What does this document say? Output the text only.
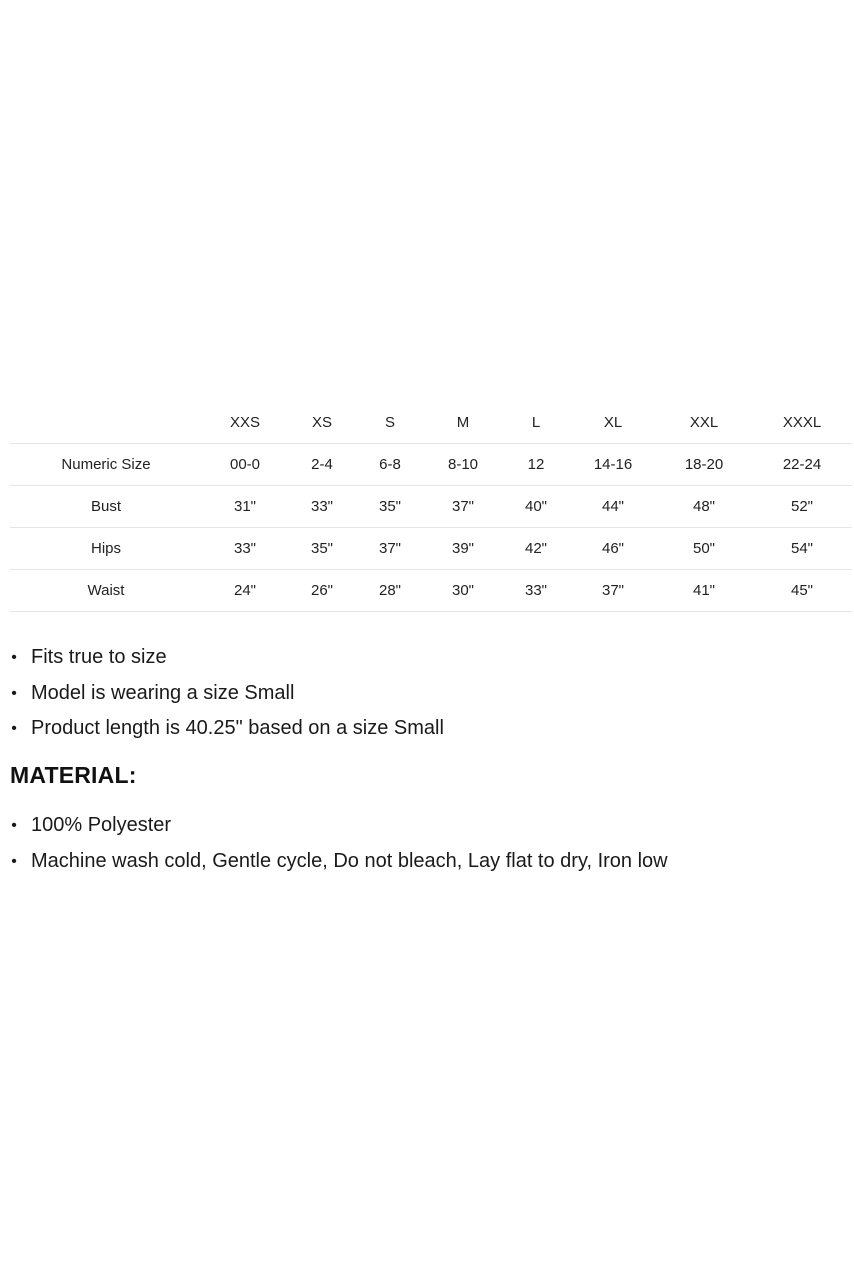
	XXS	XS	S	M	L	XL	XXL	XXXL
Numeric Size	00-0	2-4	6-8	8-10	12	14-16	18-20	22-24
Bust	31"	33"	35"	37"	40"	44"	48"	52"
Hips	33"	35"	37"	39"	42"	46"	50"	54"
Waist	24"	26"	28"	30"	33"	37"	41"	45"
• Fits true to size
• Model is wearing a size Small
• Product length is 40.25" based on a size Small
MATERIAL:
• 100% Polyester
• Machine wash cold, Gentle cycle, Do not bleach, Lay flat to dry, Iron low
